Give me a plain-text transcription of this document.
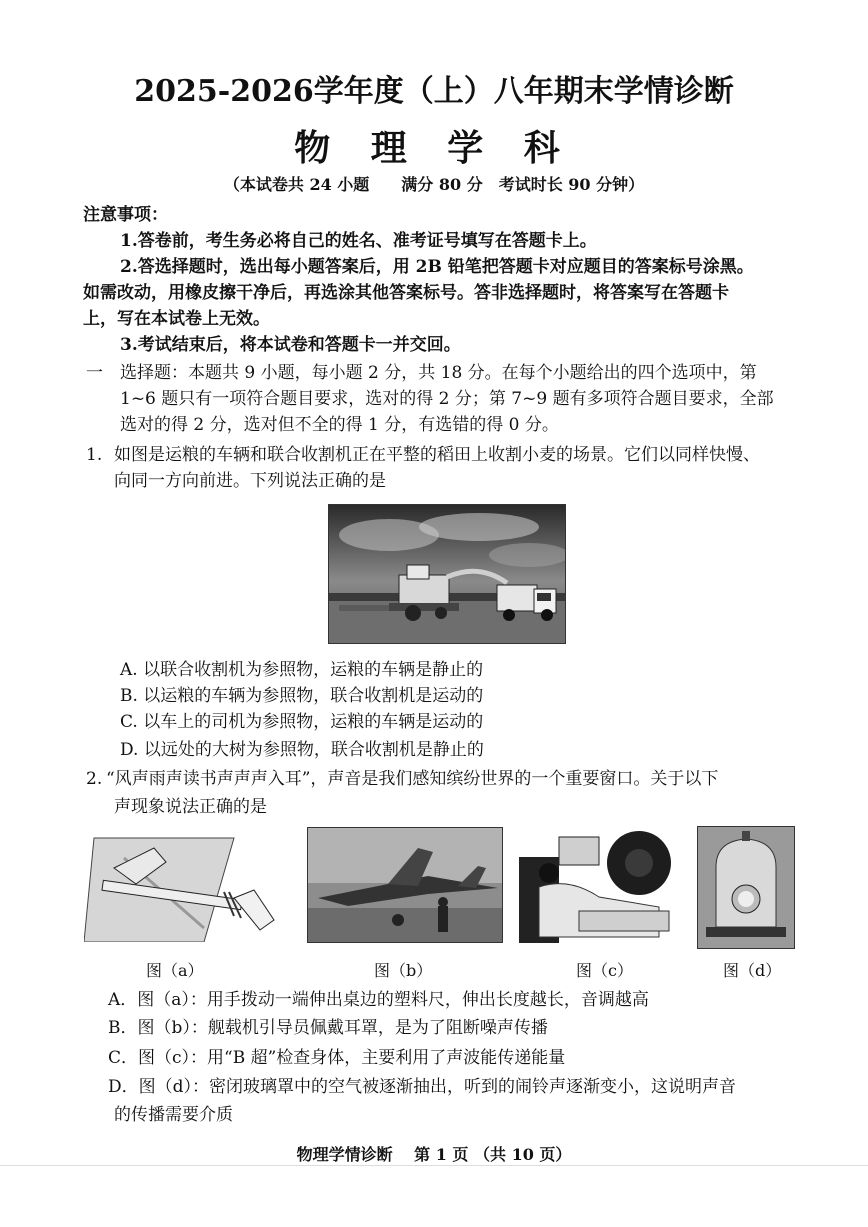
2025-2026学年度（上）八年期末学情诊断
物 理 学 科
（本试卷共 24 小题　　满分 80 分　考试时长 90 分钟）
注意事项：
1.答卷前，考生务必将自己的姓名、准考证号填写在答题卡上。
2.答选择题时，选出每小题答案后，用 2B 铅笔把答题卡对应题目的答案标号涂黑。
如需改动，用橡皮擦干净后，再选涂其他答案标号。答非选择题时，将答案写在答题卡
上，写在本试卷上无效。
3.考试结束后，将本试卷和答题卡一并交回。
一 选择题：本题共 9 小题，每小题 2 分，共 18 分。在每个小题给出的四个选项中，第
1~6 题只有一项符合题目要求，选对的得 2 分；第 7~9 题有多项符合题目要求，全部
选对的得 2 分，选对但不全的得 1 分，有选错的得 0 分。
1. 如图是运粮的车辆和联合收割机正在平整的稻田上收割小麦的场景。它们以同样快慢、
向同一方向前进。下列说法正确的是
A. 以联合收割机为参照物，运粮的车辆是静止的
B. 以运粮的车辆为参照物，联合收割机是运动的
C. 以车上的司机为参照物，运粮的车辆是运动的
D. 以远处的大树为参照物，联合收割机是静止的
2. “风声雨声读书声声声入耳”，声音是我们感知缤纷世界的一个重要窗口。关于以下
声现象说法正确的是
图（a）	图（b）	图（c）	图（d）
A．图（a）：用手拨动一端伸出桌边的塑料尺，伸出长度越长，音调越高
B．图（b）：舰载机引导员佩戴耳罩，是为了阻断噪声传播
C．图（c）：用“B 超”检查身体，主要利用了声波能传递能量
D．图（d）：密闭玻璃罩中的空气被逐渐抽出，听到的闹铃声逐渐变小，这说明声音
的传播需要介质
物理学情诊断　 第 1 页 （共 10 页）
